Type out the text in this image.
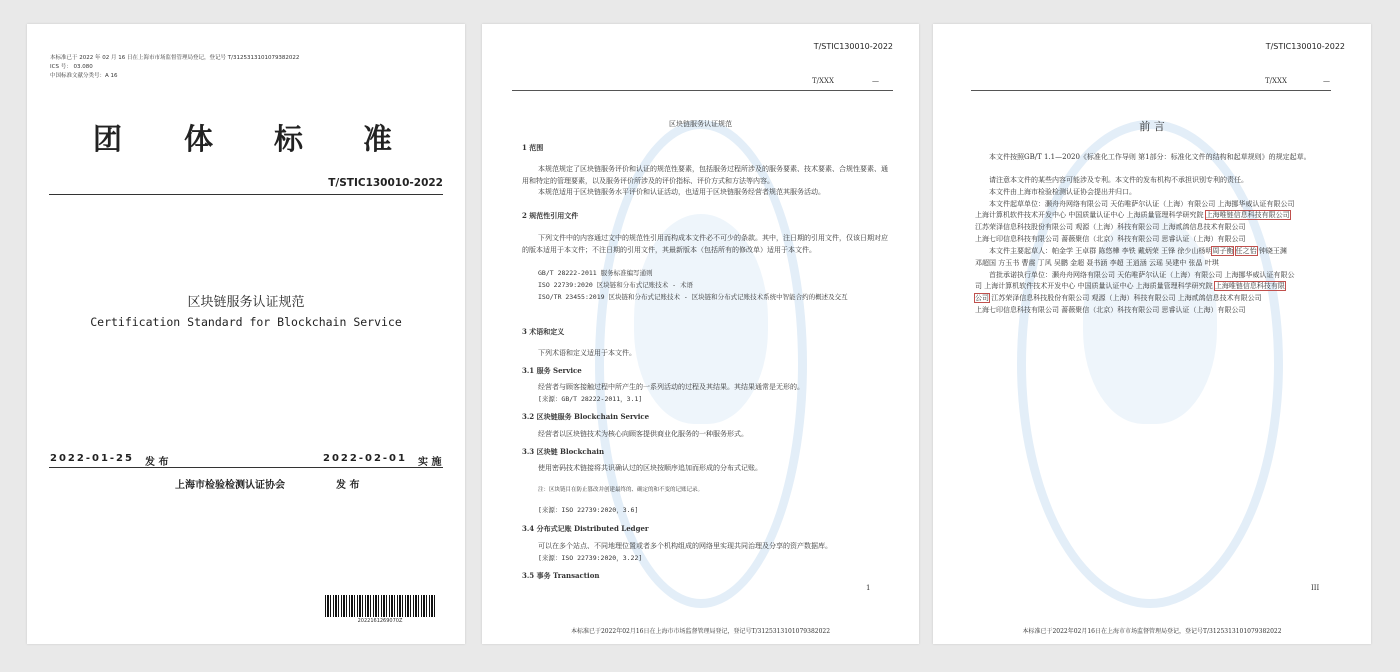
本标准已于 2022 年 02 月 16 日在上海市市场监督管理局登记，登记号 T/3125313101079382022
ICS 号： 03.080
中国标准文献分类号：A 16
团 体 标 准
T/STIC130010-2022
区块链服务认证规范
Certification Standard for Blockchain Service
2022-01-25 发 布	2022-02-01 实 施
上海市检验检测认证协会	发 布
2022161269070Z
T/STIC130010-2022
T/XXX	—
区块链服务认证规范
1 范围
本规范规定了区块链服务评价和认证的规范性要素，包括服务过程所涉及的服务要素、技术要素、合规性要素、通用和特定的管理要素，以及服务评价所涉及的评价指标、评价方式和方法等内容。
本规范适用于区块链服务水平评价和认证活动，也适用于区块链服务经营者规范其服务活动。
2 规范性引用文件
下列文件中的内容通过文中的规范性引用而构成本文件必不可少的条款。其中，注日期的引用文件，仅该日期对应的版本适用于本文件；不注日期的引用文件，其最新版本（包括所有的修改单）适用于本文件。
GB/T 28222-2011 服务标准编写通则
ISO 22739:2020 区块链和分布式记账技术 - 术语
ISO/TR 23455:2019 区块链和分布式记账技术 - 区块链和分布式记账技术系统中智能合约的概述及交互
3 术语和定义
下列术语和定义适用于本文件。
3.1 服务 Service
经营者与顾客接触过程中所产生的一系列活动的过程及其结果。其结果通常是无形的。
[来源：GB/T 28222-2011，3.1]
3.2 区块链服务 Blockchain Service
经营者以区块链技术为核心向顾客提供商业化服务的一种服务形式。
3.3 区块链 Blockchain
使用密码技术链接将共识确认过的区块按顺序追加而形成的分布式记账。
注：区块链目在防止篡改并创建最终的、确定的和不变的记账记录。
[来源：ISO 22739:2020，3.6]
3.4 分布式记账 Distributed Ledger
可以在多个站点、不同地理位置或者多个机构组成的网络里实现共同治理及分享的资产数据库。
[来源：ISO 22739:2020，3.22]
3.5 事务 Transaction
1
本标准已于2022年02月16日在上海市市场监督管理局登记，登记号T/3125313101079382022
T/STIC130010-2022
T/XXX	—
前 言
本文件按照GB/T 1.1—2020《标准化工作导则 第1部分：标准化文件的结构和起草规则》的规定起草。
请注意本文件的某些内容可能涉及专利。本文件的发布机构不承担识别专利的责任。
本文件由上海市检验检测认证协会提出并归口。
本文件起草单位：灏舟舟网络有限公司 天佑唯萨尔认证（上海）有限公司 上海挪华威认证有限公司
上海计算机软件技术开发中心 中国质量认证中心 上海质量管理科学研究院 上海唯链信息科技有限公司
江苏荣泽信息科技股份有限公司 观源（上海）科技有限公司 上海贰鸽信息技术有限公司
上海七印信息科技有限公司 蔷薇聚信（北京）科技有限公司 思睿认证（上海）有限公司
本文件主要起草人：帕金学 王卓群 陈悠樺 李铁 戴炳荣 王锋 徐少山杨明周子衡 任之怡 钟晓王渊
邓超国 方玉书 曹震 丁风 吴鹏 金超 聂书涵 李超 王逍涵 云瑶 吴建中 张晶 叶琪
首批承诺执行单位：灏舟舟网络有限公司 天佑唯萨尔认证（上海）有限公司 上海挪华威认证有限公
司 上海计算机软件技术开发中心 中国质量认证中心 上海质量管理科学研究院 上海唯链信息科技有限
公司 江苏荣泽信息科技股份有限公司 观源（上海）科技有限公司 上海贰鸽信息技术有限公司
上海七印信息科技有限公司 蔷薇聚信（北京）科技有限公司 思睿认证（上海）有限公司
III
本标准已于2022年02月16日在上海市市场监督管理局登记，登记号T/3125313101079382022
